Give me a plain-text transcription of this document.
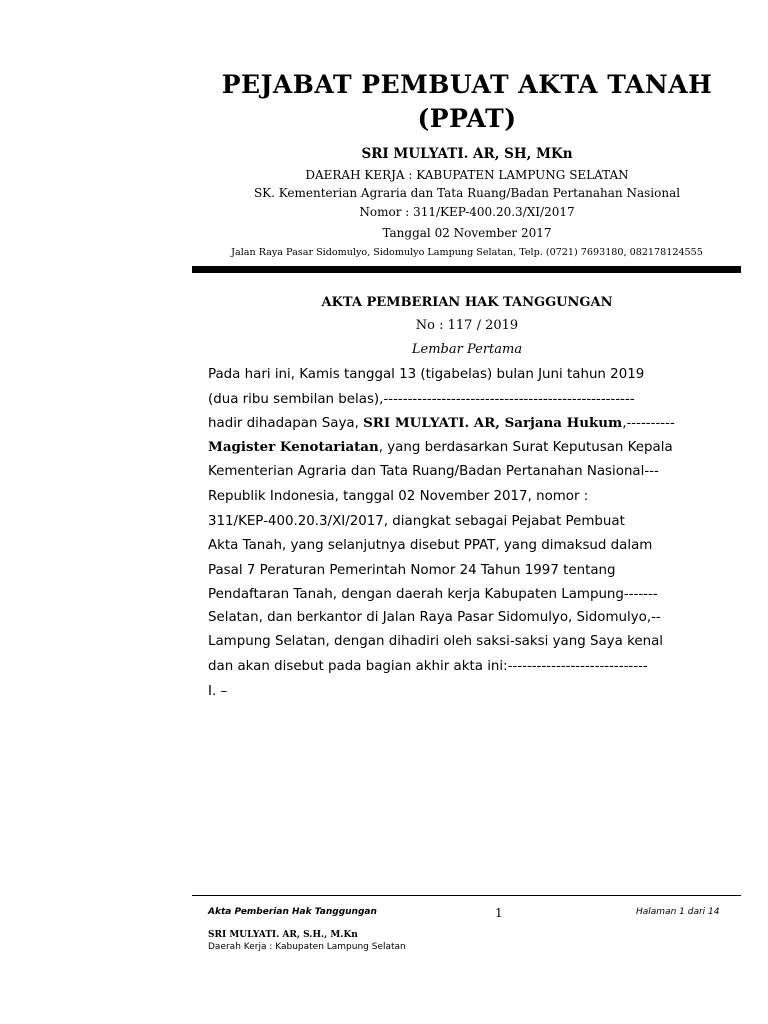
PEJABAT PEMBUAT AKTA TANAH
(PPAT)
SRI MULYATI. AR, SH, MKn
DAERAH KERJA : KABUPATEN LAMPUNG SELATAN
SK. Kementerian Agraria dan Tata Ruang/Badan Pertanahan Nasional
Nomor : 311/KEP-400.20.3/XI/2017
Tanggal 02 November 2017
Jalan Raya Pasar Sidomulyo, Sidomulyo Lampung Selatan, Telp. (0721) 7693180, 082178124555
AKTA PEMBERIAN HAK TANGGUNGAN
No : 117 / 2019
Lembar Pertama
Pada hari ini, Kamis tanggal 13 (tigabelas) bulan Juni tahun 2019
(dua ribu sembilan belas),----------------------------------------------------
hadir dihadapan Saya, SRI MULYATI. AR, Sarjana Hukum,----------
Magister Kenotariatan, yang berdasarkan Surat Keputusan Kepala
Kementerian Agraria dan Tata Ruang/Badan Pertanahan Nasional---
Republik Indonesia, tanggal 02 November 2017, nomor :
311/KEP-400.20.3/XI/2017, diangkat sebagai Pejabat Pembuat
Akta Tanah, yang selanjutnya disebut PPAT, yang dimaksud dalam
Pasal 7 Peraturan Pemerintah Nomor 24 Tahun 1997 tentang
Pendaftaran Tanah, dengan daerah kerja Kabupaten Lampung-------
Selatan, dan berkantor di Jalan Raya Pasar Sidomulyo, Sidomulyo,--
Lampung Selatan, dengan dihadiri oleh saksi-saksi yang Saya kenal
dan akan disebut pada bagian akhir akta ini:-----------------------------
I. –
Akta Pemberian Hak Tanggungan	1	Halaman 1 dari 14
SRI MULYATI. AR, S.H., M.Kn
Daerah Kerja : Kabupaten Lampung Selatan
